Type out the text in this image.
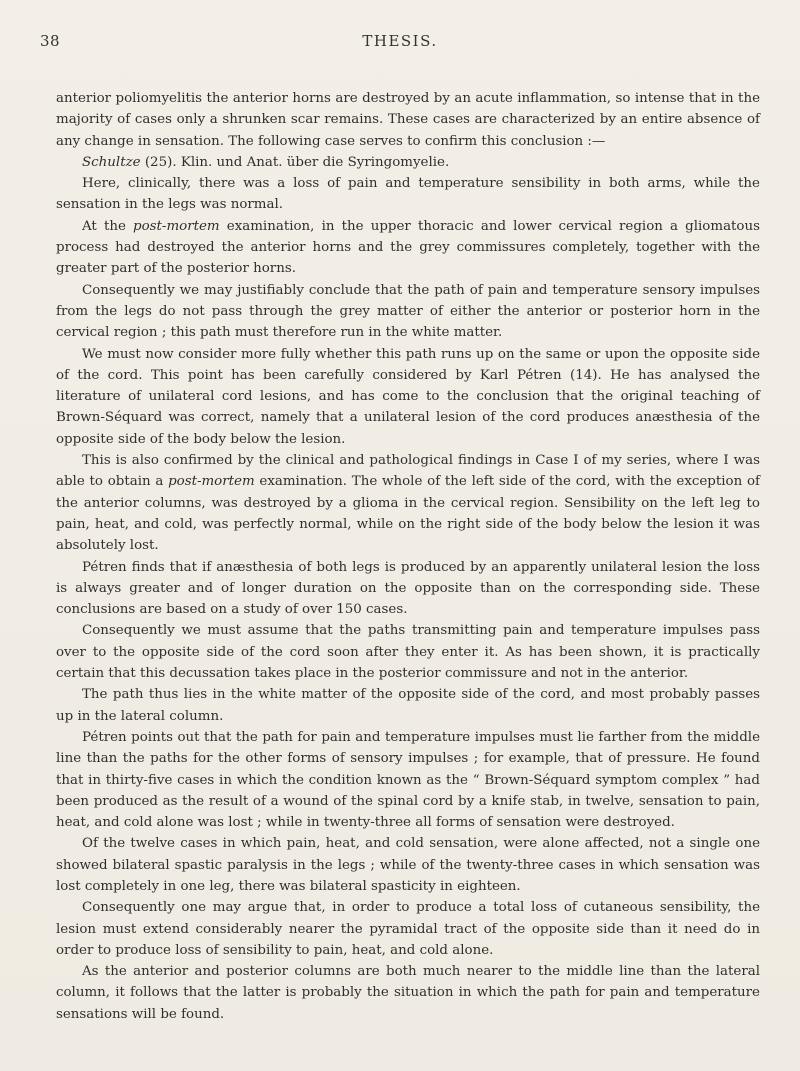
38	THESIS.

anterior poliomyelitis the anterior horns are destroyed by an acute inflammation, so intense that in the majority of cases only a shrunken scar remains. These cases are characterized by an entire absence of any change in sensation. The following case serves to confirm this conclusion :—

Schultze (25). Klin. und Anat. über die Syringomyelie.

Here, clinically, there was a loss of pain and temperature sensibility in both arms, while the sensation in the legs was normal.

At the post-mortem examination, in the upper thoracic and lower cervical region a gliomatous process had destroyed the anterior horns and the grey commissures completely, together with the greater part of the posterior horns.

Consequently we may justifiably conclude that the path of pain and temperature sensory impulses from the legs do not pass through the grey matter of either the anterior or posterior horn in the cervical region ; this path must therefore run in the white matter.

We must now consider more fully whether this path runs up on the same or upon the opposite side of the cord. This point has been carefully considered by Karl Pétren (14). He has analysed the literature of unilateral cord lesions, and has come to the conclusion that the original teaching of Brown-Séquard was correct, namely that a unilateral lesion of the cord produces anæsthesia of the opposite side of the body below the lesion.

This is also confirmed by the clinical and pathological findings in Case I of my series, where I was able to obtain a post-mortem examination. The whole of the left side of the cord, with the exception of the anterior columns, was destroyed by a glioma in the cervical region. Sensibility on the left leg to pain, heat, and cold, was perfectly normal, while on the right side of the body below the lesion it was absolutely lost.

Pétren finds that if anæsthesia of both legs is produced by an apparently unilateral lesion the loss is always greater and of longer duration on the opposite than on the corresponding side. These conclusions are based on a study of over 150 cases.

Consequently we must assume that the paths transmitting pain and temperature impulses pass over to the opposite side of the cord soon after they enter it. As has been shown, it is practically certain that this decussation takes place in the posterior commissure and not in the anterior.

The path thus lies in the white matter of the opposite side of the cord, and most probably passes up in the lateral column.

Pétren points out that the path for pain and temperature impulses must lie farther from the middle line than the paths for the other forms of sensory impulses ; for example, that of pressure. He found that in thirty-five cases in which the condition known as the “ Brown-Séquard symptom complex ” had been produced as the result of a wound of the spinal cord by a knife stab, in twelve, sensation to pain, heat, and cold alone was lost ; while in twenty-three all forms of sensation were destroyed.

Of the twelve cases in which pain, heat, and cold sensation, were alone affected, not a single one showed bilateral spastic paralysis in the legs ; while of the twenty-three cases in which sensation was lost completely in one leg, there was bilateral spasticity in eighteen.

Consequently one may argue that, in order to produce a total loss of cutaneous sensibility, the lesion must extend considerably nearer the pyramidal tract of the opposite side than it need do in order to produce loss of sensibility to pain, heat, and cold alone.

As the anterior and posterior columns are both much nearer to the middle line than the lateral column, it follows that the latter is probably the situation in which the path for pain and temperature sensations will be found.
